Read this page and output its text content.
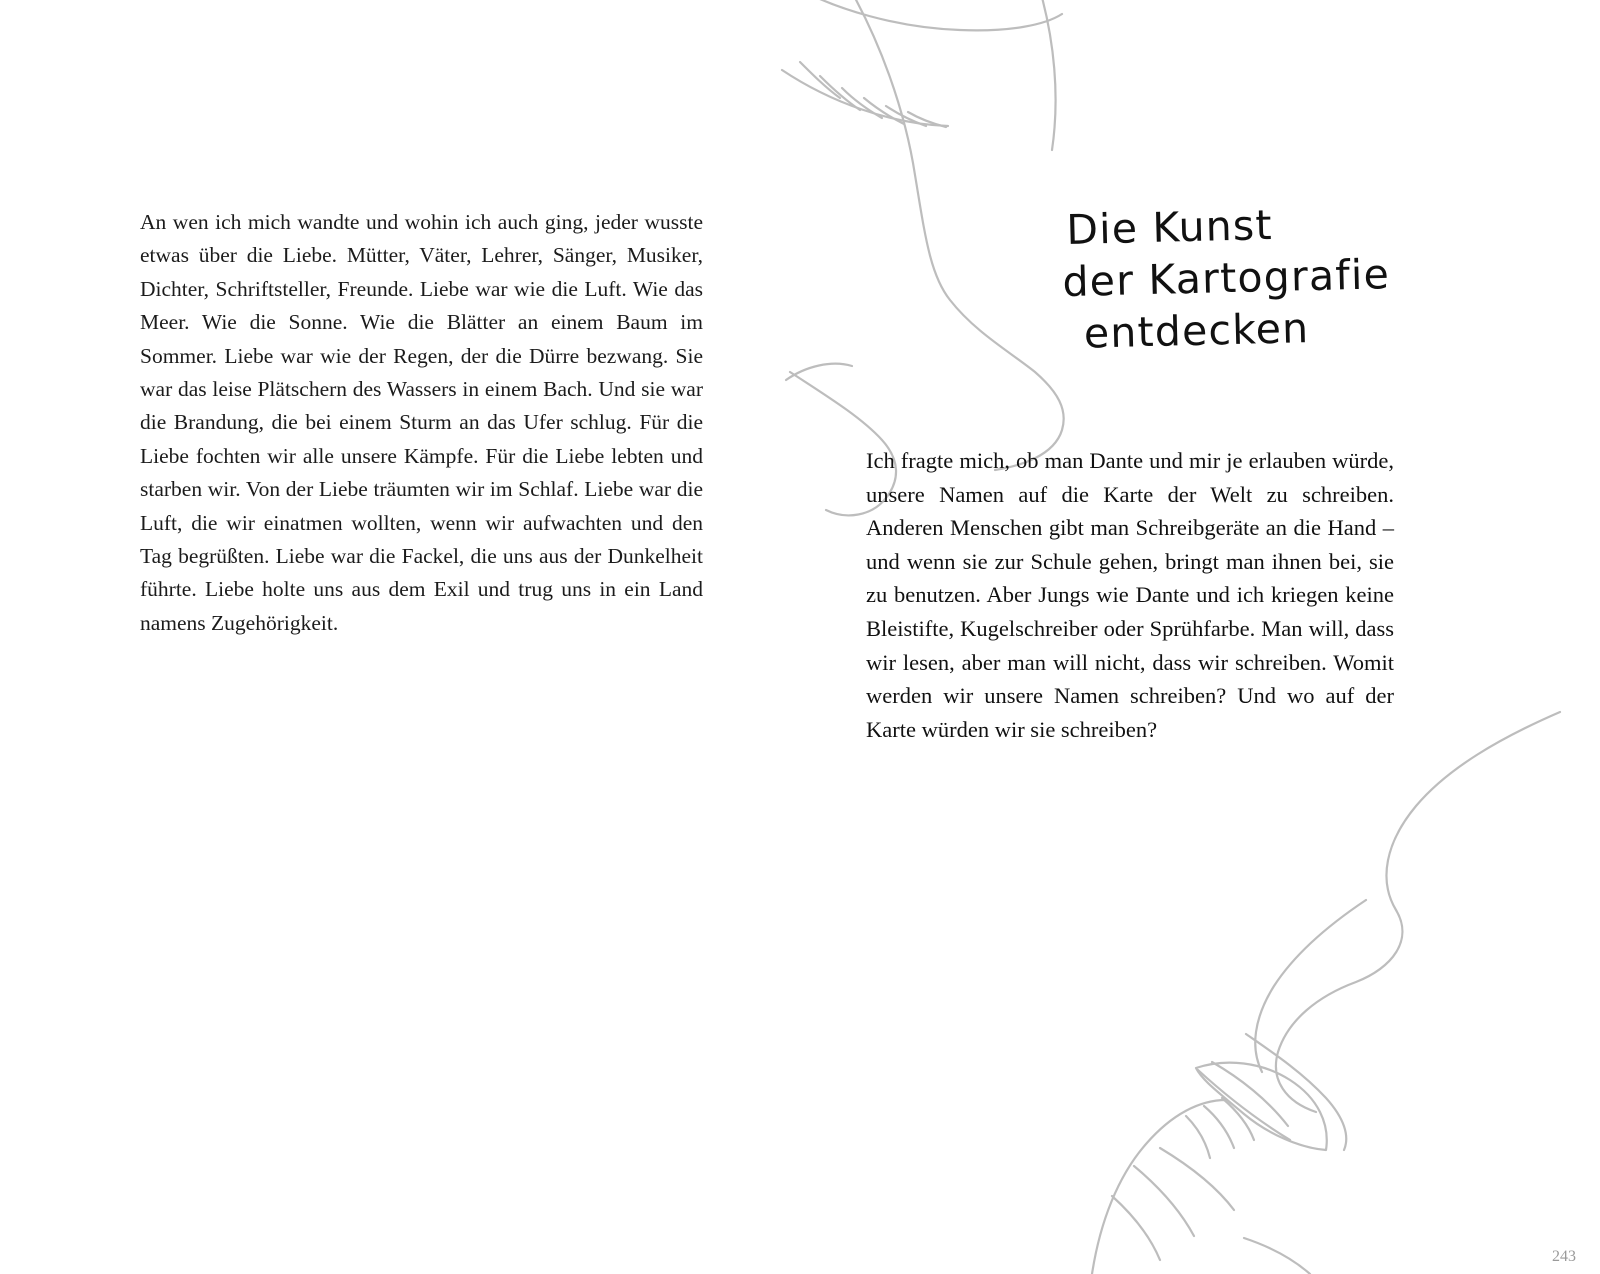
An wen ich mich wandte und wohin ich auch ging, jeder wusste etwas über die Liebe. Mütter, Väter, Lehrer, Sänger, Musiker, Dichter, Schriftsteller, Freunde. Liebe war wie die Luft. Wie das Meer. Wie die Sonne. Wie die Blätter an einem Baum im Sommer. Liebe war wie der Regen, der die Dürre bezwang. Sie war das leise Plätschern des Wassers in einem Bach. Und sie war die Brandung, die bei einem Sturm an das Ufer schlug. Für die Liebe fochten wir alle unsere Kämpfe. Für die Liebe lebten und starben wir. Von der Liebe träumten wir im Schlaf. Liebe war die Luft, die wir einatmen wollten, wenn wir aufwachten und den Tag begrüßten. Liebe war die Fackel, die uns aus der Dunkelheit führte. Liebe holte uns aus dem Exil und trug uns in ein Land namens Zugehörigkeit.

Die Kunst
der Kartografie
entdecken

Ich fragte mich, ob man Dante und mir je erlauben würde, unsere Namen auf die Karte der Welt zu schreiben. Anderen Menschen gibt man Schreibgeräte an die Hand – und wenn sie zur Schule gehen, bringt man ihnen bei, sie zu benutzen. Aber Jungs wie Dante und ich kriegen keine Bleistifte, Kugelschreiber oder Sprühfarbe. Man will, dass wir lesen, aber man will nicht, dass wir schreiben. Womit werden wir unsere Namen schreiben? Und wo auf der Karte würden wir sie schreiben?

243
